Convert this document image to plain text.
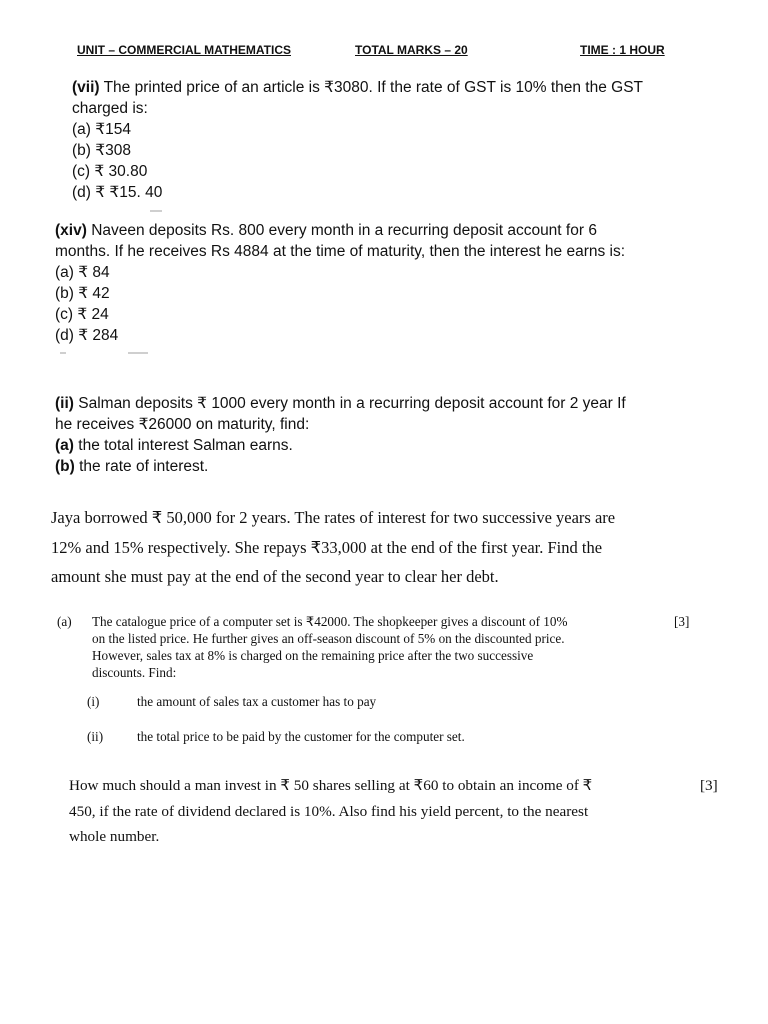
UNIT – COMMERCIAL MATHEMATICS	TOTAL MARKS – 20	TIME : 1 HOUR
(vii) The printed price of an article is ₹3080. If the rate of GST is 10% then the GST
charged is:
(a) ₹154
(b) ₹308
(c) ₹ 30.80
(d) ₹ ₹15. 40
(xiv) Naveen deposits Rs. 800 every month in a recurring deposit account for 6
months. If he receives Rs 4884 at the time of maturity, then the interest he earns is:
(a) ₹ 84
(b) ₹ 42
(c) ₹ 24
(d) ₹ 284
(ii) Salman deposits ₹ 1000 every month in a recurring deposit account for 2 year If
he receives ₹26000 on maturity, find:
(a) the total interest Salman earns.
(b) the rate of interest.
Jaya borrowed ₹ 50,000 for 2 years. The rates of interest for two successive years are
12% and 15% respectively. She repays ₹33,000 at the end of the first year. Find the
amount she must pay at the end of the second year to clear her debt.
(a) The catalogue price of a computer set is ₹42000. The shopkeeper gives a discount of 10%
on the listed price. He further gives an off-season discount of 5% on the discounted price.
However, sales tax at 8% is charged on the remaining price after the two successive
discounts. Find:
[3]
(i)	the amount of sales tax a customer has to pay
(ii)	the total price to be paid by the customer for the computer set.
How much should a man invest in ₹ 50 shares selling at ₹60 to obtain an income of ₹
450, if the rate of dividend declared is 10%. Also find his yield percent, to the nearest
whole number.
[3]
